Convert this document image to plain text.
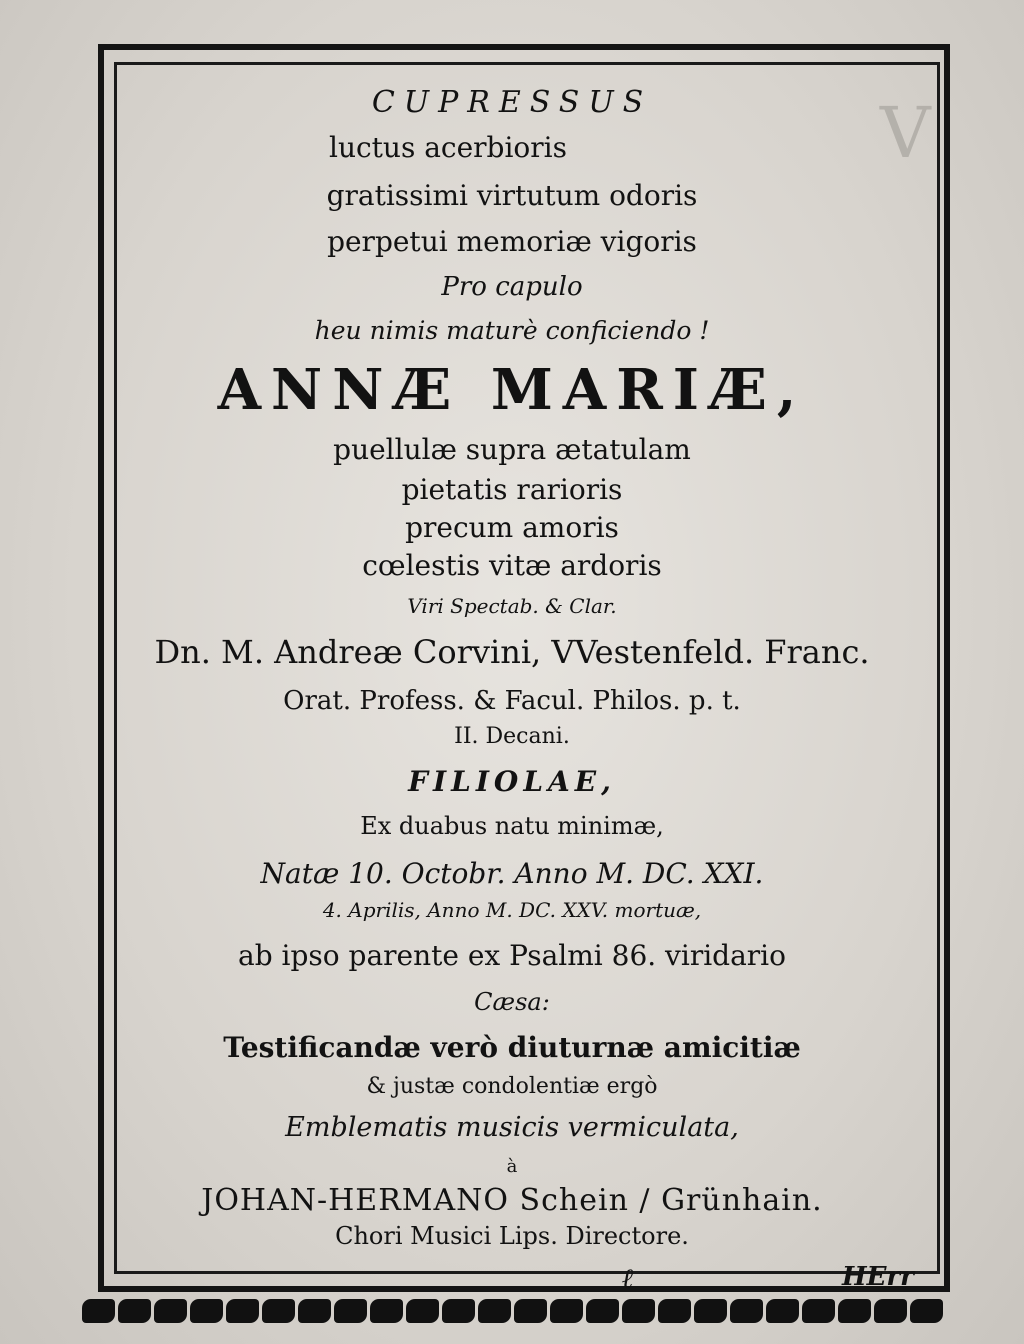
V
CUPRESSUS
luctus acerbioris
gratissimi virtutum odoris
perpetui memoriæ vigoris
Pro capulo
heu nimis maturè conficiendo !
ANNÆ MARIÆ,
puellulæ supra ætatulam
pietatis rarioris
precum amoris
cœlestis vitæ ardoris
Viri Spectab. & Clar.
Dn. M. Andreæ Corvini, VVestenfeld. Franc.
Orat. Profess. & Facul. Philos. p. t.
II. Decani.
FILIOLAE,
Ex duabus natu minimæ,
Natæ 10. Octobr. Anno M. DC. XXI.
4. Aprilis, Anno M. DC. XXV. mortuæ,
ab ipso parente ex Psalmi 86. viridario
Cæsa:
Testificandæ verò diuturnæ amicitiæ
& justæ condolentiæ ergò
Emblematis musicis vermiculata,
à
JOHAN-HERMANO Schein / Grünhain.
Chori Musici Lips. Directore.
ℓ	HErr
